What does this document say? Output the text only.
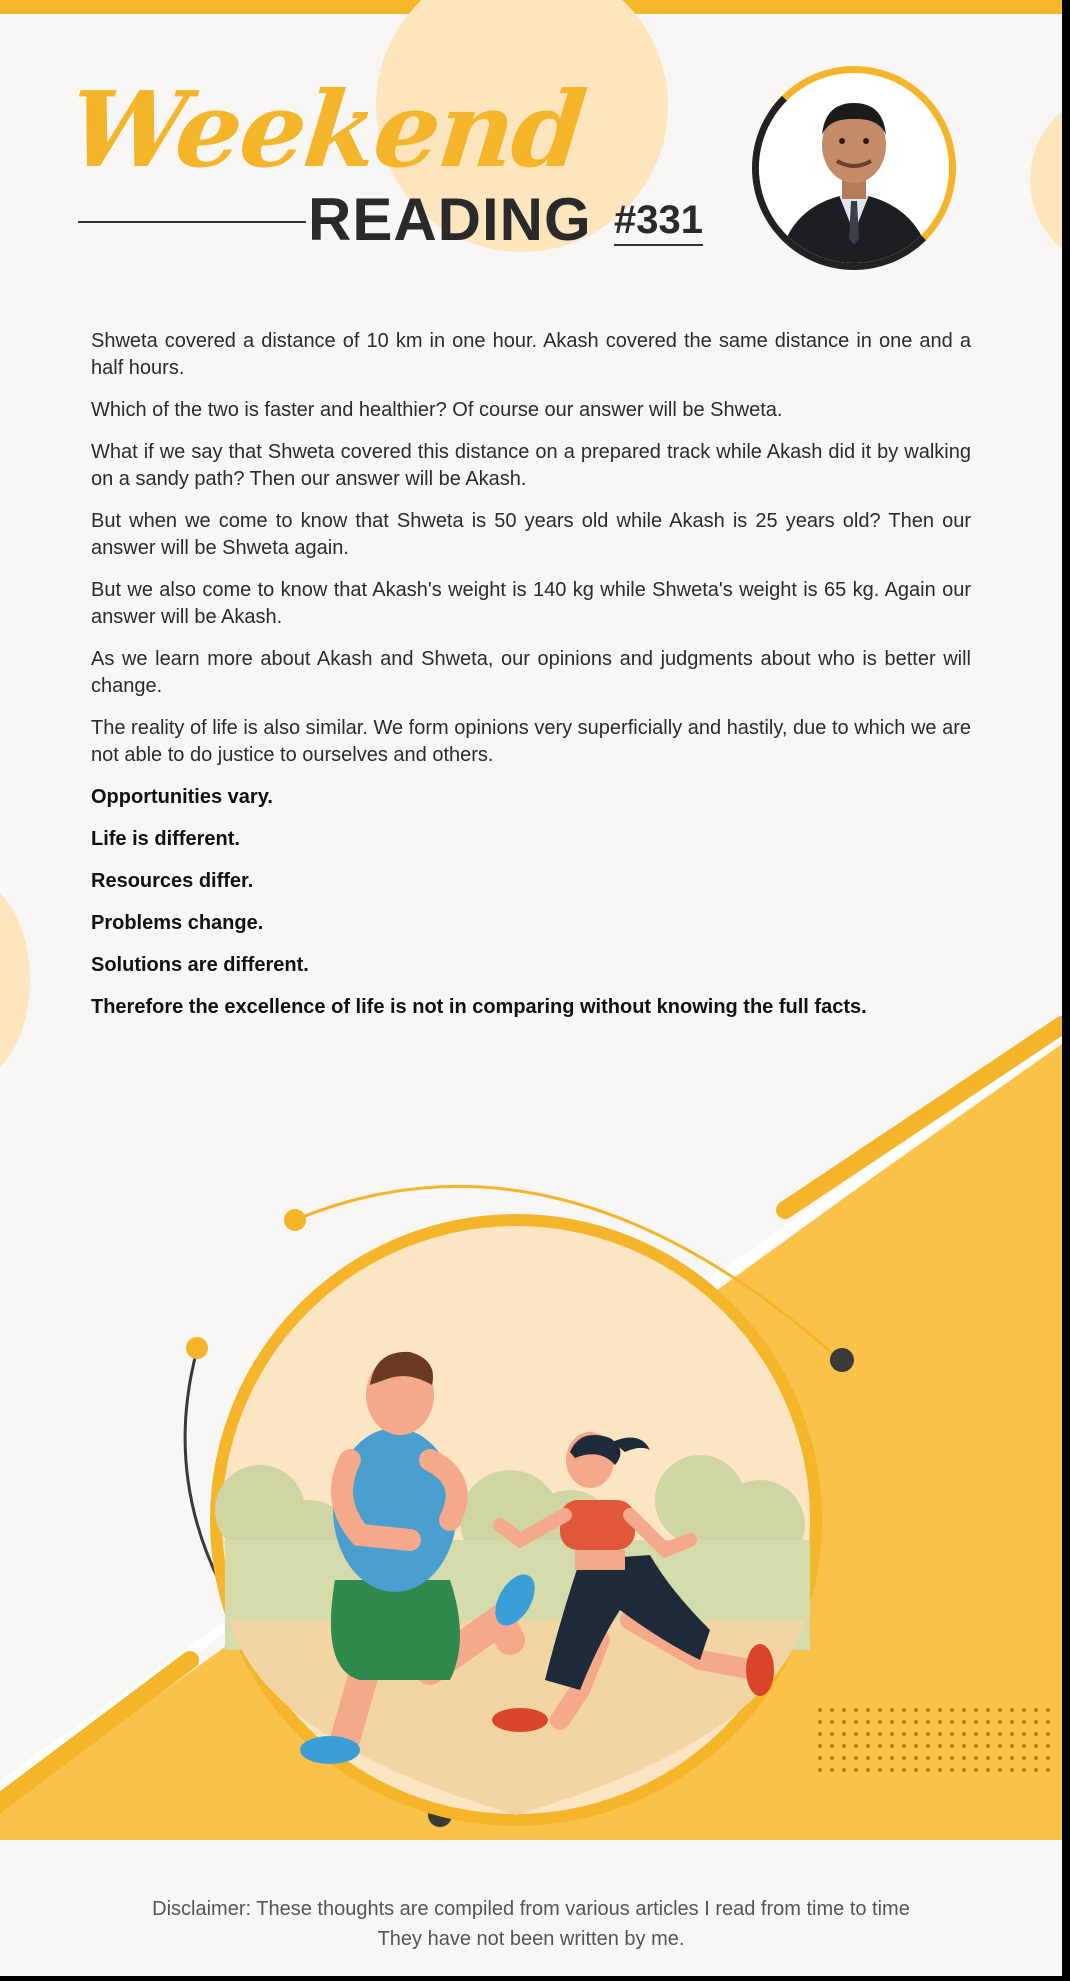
Weekend
READING #331

Shweta covered a distance of 10 km in one hour. Akash covered the same distance in one and a half hours.

Which of the two is faster and healthier? Of course our answer will be Shweta.

What if we say that Shweta covered this distance on a prepared track while Akash did it by walking on a sandy path? Then our answer will be Akash.

But when we come to know that Shweta is 50 years old while Akash is 25 years old? Then our answer will be Shweta again.

But we also come to know that Akash's weight is 140 kg while Shweta's weight is 65 kg. Again our answer will be Akash.

As we learn more about Akash and Shweta, our opinions and judgments about who is better will change.

The reality of life is also similar. We form opinions very superficially and hastily, due to which we are not able to do justice to ourselves and others.

Opportunities vary.

Life is different.

Resources differ.

Problems change.

Solutions are different.

Therefore the excellence of life is not in comparing without knowing the full facts.

Disclaimer: These thoughts are compiled from various articles I read from time to time
They have not been written by me.
